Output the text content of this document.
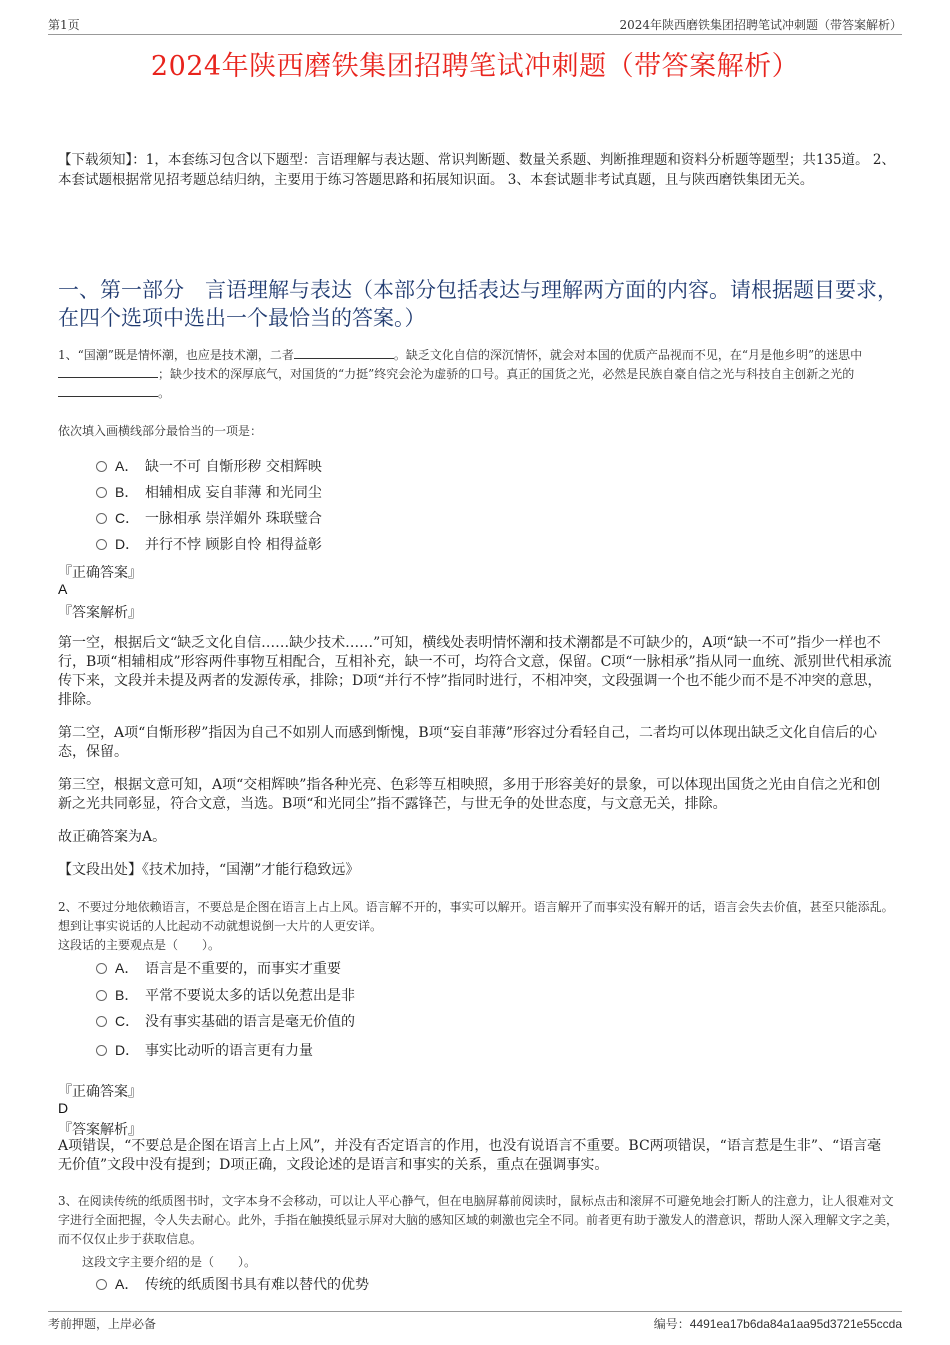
第1页	2024年陕西磨铁集团招聘笔试冲刺题（带答案解析）
2024年陕西磨铁集团招聘笔试冲刺题（带答案解析）
【下载须知】：1，本套练习包含以下题型：言语理解与表达题、常识判断题、数量关系题、判断推理题和资料分析题等题型；共135道。 2、本套试题根据常见招考题总结归纳，主要用于练习答题思路和拓展知识面。 3、本套试题非考试真题，且与陕西磨铁集团无关。
一、第一部分　言语理解与表达（本部分包括表达与理解两方面的内容。请根据题目要求，在四个选项中选出一个最恰当的答案。）
1、“国潮”既是情怀潮，也应是技术潮，二者	。缺乏文化自信的深沉情怀，就会对本国的优质产品视而不见，在“月是他乡明”的迷思中；缺少技术的深厚底气，对国货的“力挺”终究会沦为虚骄的口号。真正的国货之光，必然是民族自豪自信之光与科技自主创新之光的。
依次填入画横线部分最恰当的一项是：
A． 缺一不可 自惭形秽 交相辉映
B． 相辅相成 妄自菲薄 和光同尘
C． 一脉相承 崇洋媚外 珠联璧合
D． 并行不悖 顾影自怜 相得益彰
『正确答案』
A
『答案解析』
第一空，根据后文“缺乏文化自信……缺少技术……”可知，横线处表明情怀潮和技术潮都是不可缺少的，A项“缺一不可”指少一样也不行，B项“相辅相成”形容两件事物互相配合，互相补充，缺一不可，均符合文意，保留。C项“一脉相承”指从同一血统、派别世代相承流传下来，文段并未提及两者的发源传承，排除；D项“并行不悖”指同时进行，不相冲突，文段强调一个也不能少而不是不冲突的意思，排除。
第二空，A项“自惭形秽”指因为自己不如别人而感到惭愧，B项“妄自菲薄”形容过分看轻自己，二者均可以体现出缺乏文化自信后的心态，保留。
第三空，根据文意可知，A项“交相辉映”指各种光亮、色彩等互相映照，多用于形容美好的景象，可以体现出国货之光由自信之光和创新之光共同彰显，符合文意，当选。B项“和光同尘”指不露锋芒，与世无争的处世态度，与文意无关，排除。
故正确答案为A。
【文段出处】《技术加持，“国潮”才能行稳致远》
2、不要过分地依赖语言，不要总是企图在语言上占上风。语言解不开的，事实可以解开。语言解开了而事实没有解开的话，语言会失去价值，甚至只能添乱。想到让事实说话的人比起动不动就想说倒一大片的人更安详。
这段话的主要观点是（　　）。
A． 语言是不重要的，而事实才重要
B． 平常不要说太多的话以免惹出是非
C． 没有事实基础的语言是毫无价值的
D． 事实比动听的语言更有力量
『正确答案』
D
『答案解析』
A项错误，“不要总是企图在语言上占上风”，并没有否定语言的作用，也没有说语言不重要。BC两项错误，“语言惹是生非”、“语言毫无价值”文段中没有提到；D项正确，文段论述的是语言和事实的关系，重点在强调事实。
3、在阅读传统的纸质图书时，文字本身不会移动，可以让人平心静气，但在电脑屏幕前阅读时，鼠标点击和滚屏不可避免地会打断人的注意力，让人很难对文字进行全面把握，令人失去耐心。此外，手指在触摸纸显示屏对大脑的感知区域的刺激也完全不同。前者更有助于激发人的潜意识，帮助人深入理解文字之美，而不仅仅止步于获取信息。
这段文字主要介绍的是（　　）。
A． 传统的纸质图书具有难以替代的优势
考前押题，上岸必备	编号：4491ea17b6da84a1aa95d3721e55ccda
